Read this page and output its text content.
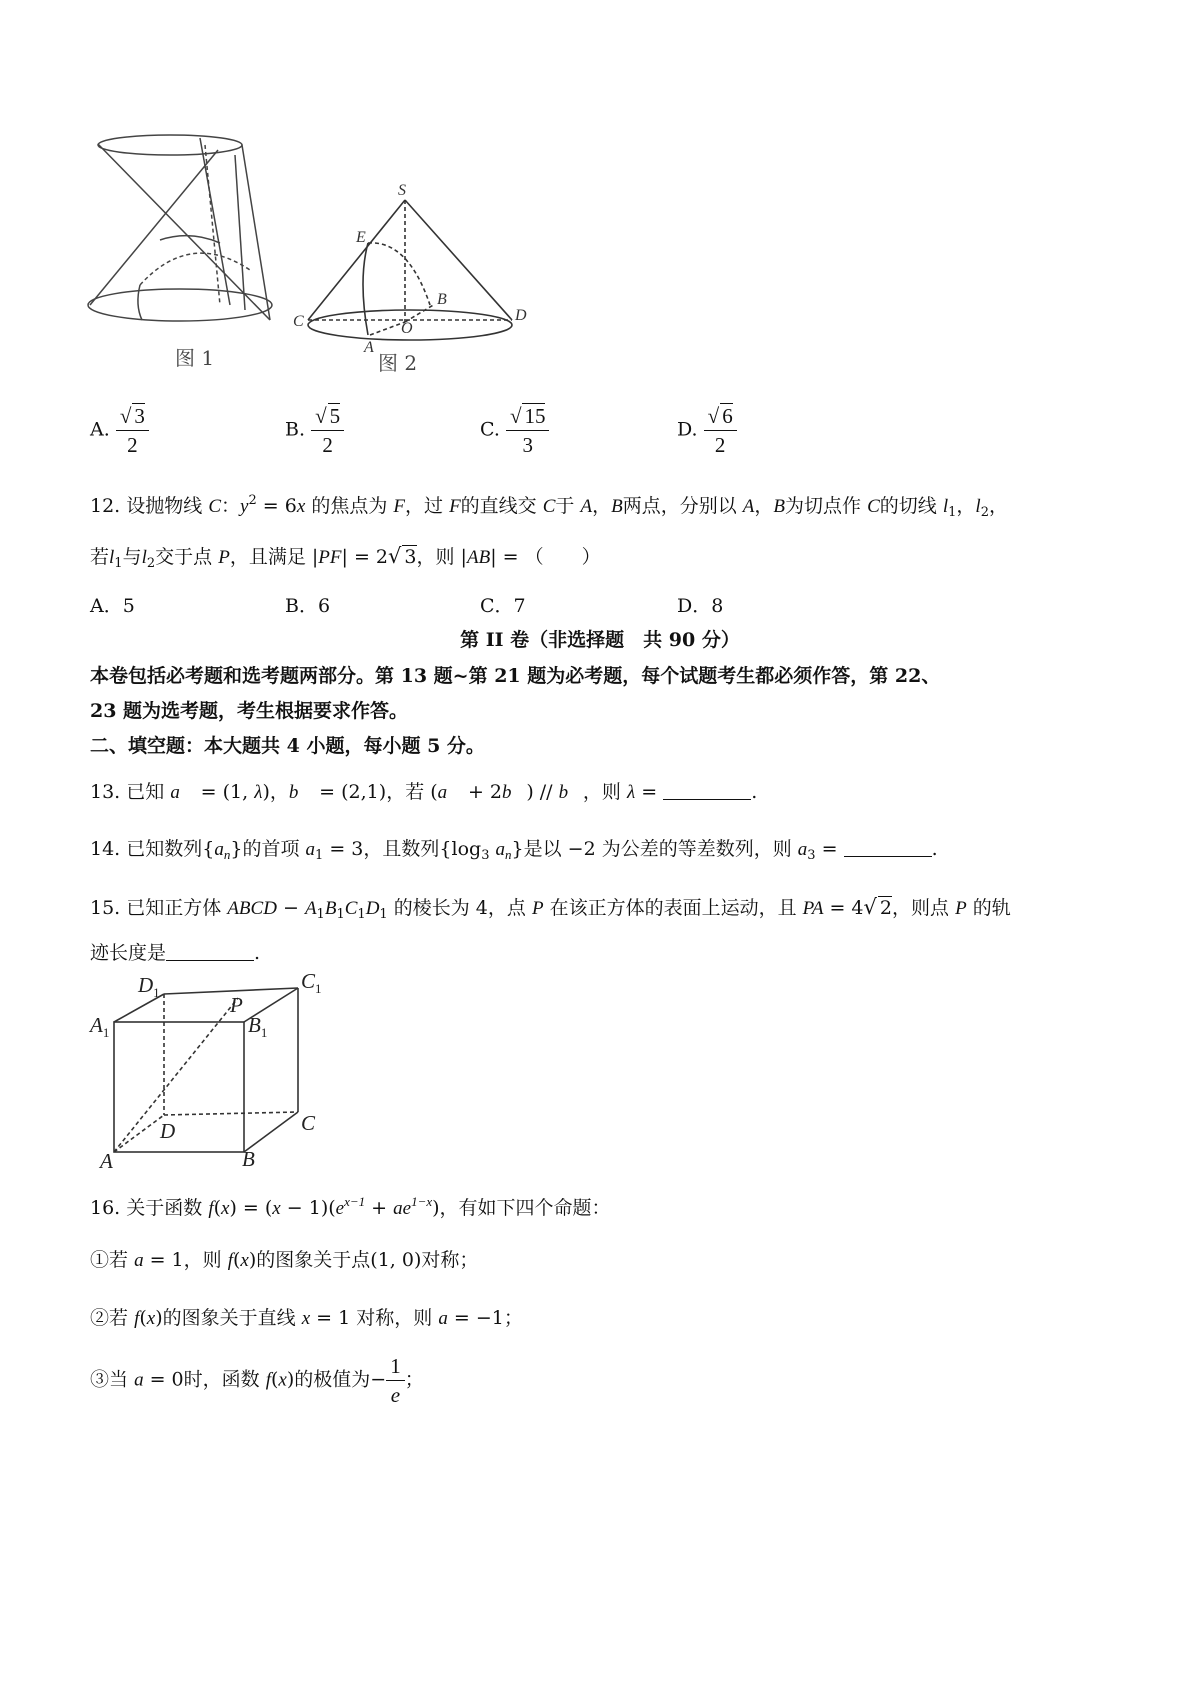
图 1
S
E
B
C	O
D
A
图 2
A. $\frac{√ 3}{2}$	B. $\frac{√ 5}{2}$	C. $\frac{√ 15}{3}$	D. $\frac{√ 6}{2}$
12. 设抛物线 C：$y^2 = 6x$ 的焦点为 F，过 F的直线交 C于 A，B两点，分别以 A，B为切点作 C的切线 $l_1$，$l_2$，
若$l_1$与$l_2$交于点 P，且满足 |PF| = 2√ 3，则 |AB| = （　　）
A．5	B．6	C．7	D．8
第 II 卷（非选择题　共 90 分）
本卷包括必考题和选考题两部分。第 13 题~第 21 题为必考题，每个试题考生都必须作答，第 22、
23 题为选考题，考生根据要求作答。
二、填空题：本大题共 4 小题，每小题 5 分。
13. 已知 a⃗ = (1, λ)，b⃗ = (2,1)，若 (a⃗ + 2b⃗) // b⃗，则 λ =	.
14. 已知数列$\{a_n\}$的首项 $a_1 = 3$，且数列{$\log_3$ $a_n$}是以 −2 为公差的等差数列，则 $a_3$ =	.
15. 已知正方体 ABCD − $A_1B_1C_1D_1$ 的棱长为 4，点 P 在该正方体的表面上运动，且 PA = 4√ 2，则点 P 的轨
迹长度是	.
$D_1$	$C_1$
$A_1$	$B_1$
P
D	C
A	B
16. 关于函数 $f(x) = (x - 1)(e^{x-1} + ae^{1-x})$，有如下四个命题：
①若 a = 1，则 f(x)的图象关于点(1, 0)对称；
②若 f(x)的图象关于直线 x = 1 对称，则 a = −1；
③当 a = 0时，函数 f(x)的极值为− $\frac{1}{e}$ ；
